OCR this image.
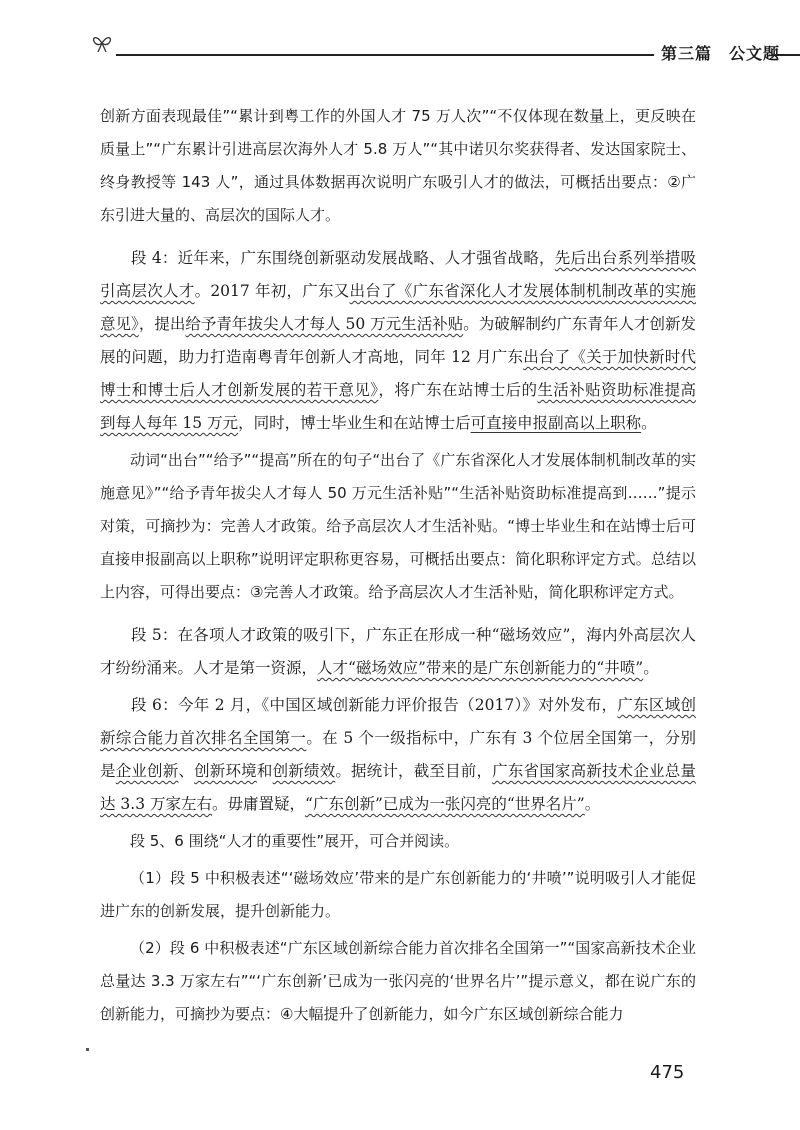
第三篇　公文题

创新方面表现最佳”“累计到粤工作的外国人才 75 万人次”“不仅体现在数量上，更反映在质量上”“广东累计引进高层次海外人才 5.8 万人”“其中诺贝尔奖获得者、发达国家院士、终身教授等 143 人”，通过具体数据再次说明广东吸引人才的做法，可概括出要点：②广东引进大量的、高层次的国际人才。

段 4：近年来，广东围绕创新驱动发展战略、人才强省战略，先后出台系列举措吸引高层次人才。2017 年初，广东又出台了《广东省深化人才发展体制机制改革的实施意见》，提出给予青年拔尖人才每人 50 万元生活补贴。为破解制约广东青年人才创新发展的问题，助力打造南粤青年创新人才高地，同年 12 月广东出台了《关于加快新时代博士和博士后人才创新发展的若干意见》，将广东在站博士后的生活补贴资助标准提高到每人每年 15 万元，同时，博士毕业生和在站博士后可直接申报副高以上职称。

动词“出台”“给予”“提高”所在的句子“出台了《广东省深化人才发展体制机制改革的实施意见》”“给予青年拔尖人才每人 50 万元生活补贴”“生活补贴资助标准提高到……”提示对策，可摘抄为：完善人才政策。给予高层次人才生活补贴。“博士毕业生和在站博士后可直接申报副高以上职称”说明评定职称更容易，可概括出要点：简化职称评定方式。总结以上内容，可得出要点：③完善人才政策。给予高层次人才生活补贴，简化职称评定方式。

段 5：在各项人才政策的吸引下，广东正在形成一种“磁场效应”，海内外高层次人才纷纷涌来。人才是第一资源，人才“磁场效应”带来的是广东创新能力的“井喷”。

段 6：今年 2 月，《中国区域创新能力评价报告（2017）》对外发布，广东区域创新综合能力首次排名全国第一。在 5 个一级指标中，广东有 3 个位居全国第一，分别是企业创新、创新环境和创新绩效。据统计，截至目前，广东省国家高新技术企业总量达 3.3 万家左右。毋庸置疑，“广东创新”已成为一张闪亮的“世界名片”。

段 5、6 围绕“人才的重要性”展开，可合并阅读。

（1）段 5 中积极表述“‘磁场效应’带来的是广东创新能力的‘井喷’”说明吸引人才能促进广东的创新发展，提升创新能力。

（2）段 6 中积极表述“广东区域创新综合能力首次排名全国第一”“国家高新技术企业总量达 3.3 万家左右”“‘广东创新’已成为一张闪亮的‘世界名片’”提示意义，都在说广东的创新能力，可摘抄为要点：④大幅提升了创新能力，如今广东区域创新综合能力

475
